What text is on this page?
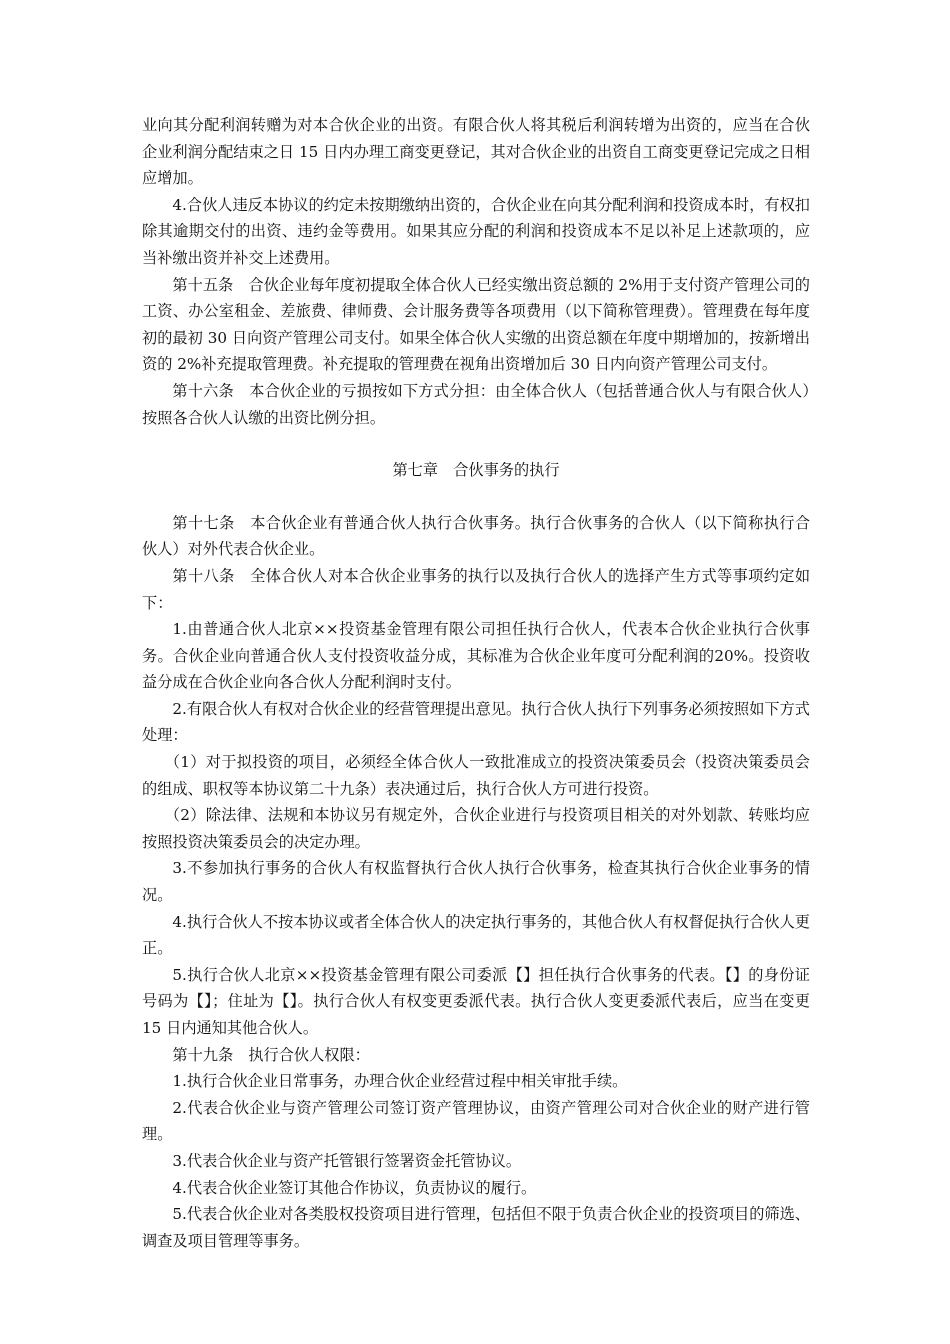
业向其分配利润转赠为对本合伙企业的出资。有限合伙人将其税后利润转增为出资的，应当在合伙企业利润分配结束之日 15 日内办理工商变更登记，其对合伙企业的出资自工商变更登记完成之日相应增加。

4.合伙人违反本协议的约定未按期缴纳出资的，合伙企业在向其分配利润和投资成本时，有权扣除其逾期交付的出资、违约金等费用。如果其应分配的利润和投资成本不足以补足上述款项的，应当补缴出资并补交上述费用。

第十五条　合伙企业每年度初提取全体合伙人已经实缴出资总额的 2%用于支付资产管理公司的工资、办公室租金、差旅费、律师费、会计服务费等各项费用（以下简称管理费）。管理费在每年度初的最初 30 日向资产管理公司支付。如果全体合伙人实缴的出资总额在年度中期增加的，按新增出资的 2%补充提取管理费。补充提取的管理费在视角出资增加后 30 日内向资产管理公司支付。

第十六条　本合伙企业的亏损按如下方式分担：由全体合伙人（包括普通合伙人与有限合伙人）按照各合伙人认缴的出资比例分担。

第七章　合伙事务的执行

第十七条　本合伙企业有普通合伙人执行合伙事务。执行合伙事务的合伙人（以下简称执行合伙人）对外代表合伙企业。

第十八条　全体合伙人对本合伙企业事务的执行以及执行合伙人的选择产生方式等事项约定如下：

1.由普通合伙人北京××投资基金管理有限公司担任执行合伙人，代表本合伙企业执行合伙事务。合伙企业向普通合伙人支付投资收益分成，其标准为合伙企业年度可分配利润的20%。投资收益分成在合伙企业向各合伙人分配利润时支付。

2.有限合伙人有权对合伙企业的经营管理提出意见。执行合伙人执行下列事务必须按照如下方式处理：

（1）对于拟投资的项目，必须经全体合伙人一致批准成立的投资决策委员会（投资决策委员会的组成、职权等本协议第二十九条）表决通过后，执行合伙人方可进行投资。

（2）除法律、法规和本协议另有规定外，合伙企业进行与投资项目相关的对外划款、转账均应按照投资决策委员会的决定办理。

3.不参加执行事务的合伙人有权监督执行合伙人执行合伙事务，检查其执行合伙企业事务的情况。

4.执行合伙人不按本协议或者全体合伙人的决定执行事务的，其他合伙人有权督促执行合伙人更正。

5.执行合伙人北京××投资基金管理有限公司委派【】担任执行合伙事务的代表。【】的身份证号码为【】；住址为【】。执行合伙人有权变更委派代表。执行合伙人变更委派代表后，应当在变更 15 日内通知其他合伙人。

第十九条　执行合伙人权限：

1.执行合伙企业日常事务，办理合伙企业经营过程中相关审批手续。

2.代表合伙企业与资产管理公司签订资产管理协议，由资产管理公司对合伙企业的财产进行管理。

3.代表合伙企业与资产托管银行签署资金托管协议。

4.代表合伙企业签订其他合作协议，负责协议的履行。

5.代表合伙企业对各类股权投资项目进行管理，包括但不限于负责合伙企业的投资项目的筛选、调查及项目管理等事务。
